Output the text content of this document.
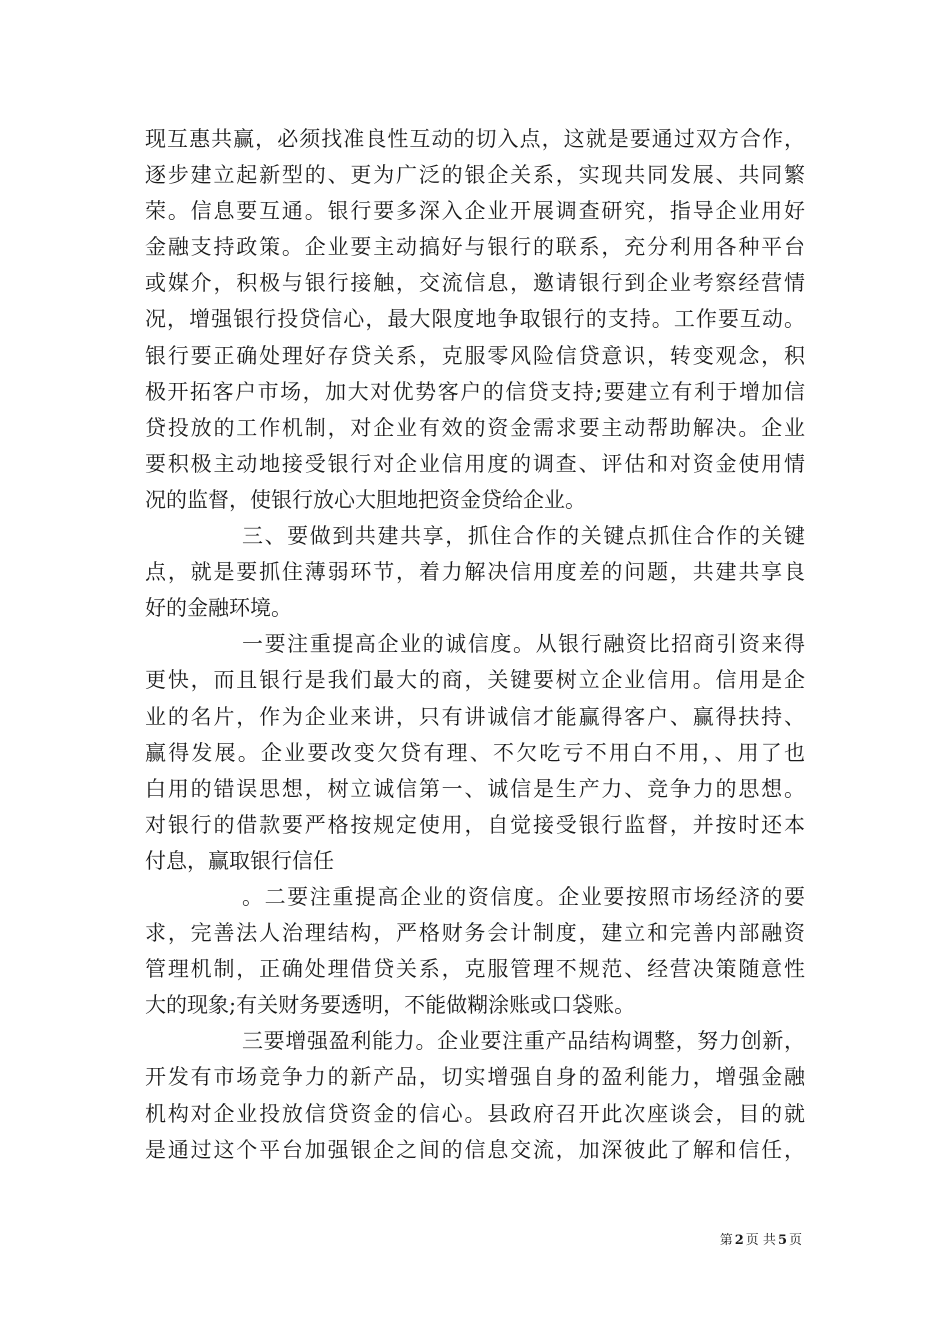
现互惠共赢，必须找准良性互动的切入点，这就是要通过双方合作，
逐步建立起新型的、更为广泛的银企关系，实现共同发展、共同繁
荣。信息要互通。银行要多深入企业开展调查研究，指导企业用好
金融支持政策。企业要主动搞好与银行的联系，充分利用各种平台
或媒介，积极与银行接触，交流信息，邀请银行到企业考察经营情
况，增强银行投贷信心，最大限度地争取银行的支持。工作要互动。
银行要正确处理好存贷关系，克服零风险信贷意识，转变观念，积
极开拓客户市场，加大对优势客户的信贷支持;要建立有利于增加信
贷投放的工作机制，对企业有效的资金需求要主动帮助解决。企业
要积极主动地接受银行对企业信用度的调查、评估和对资金使用情
况的监督，使银行放心大胆地把资金贷给企业。
三、要做到共建共享，抓住合作的关键点抓住合作的关键
点，就是要抓住薄弱环节，着力解决信用度差的问题，共建共享良
好的金融环境。
一要注重提高企业的诚信度。从银行融资比招商引资来得
更快，而且银行是我们最大的商，关键要树立企业信用。信用是企
业的名片，作为企业来讲，只有讲诚信才能赢得客户、赢得扶持、
赢得发展。企业要改变欠贷有理、不欠吃亏不用白不用，、用了也
白用的错误思想，树立诚信第一、诚信是生产力、竞争力的思想。
对银行的借款要严格按规定使用，自觉接受银行监督，并按时还本
付息，赢取银行信任
。二要注重提高企业的资信度。企业要按照市场经济的要
求，完善法人治理结构，严格财务会计制度，建立和完善内部融资
管理机制，正确处理借贷关系，克服管理不规范、经营决策随意性
大的现象;有关财务要透明，不能做糊涂账或口袋账。
三要增强盈利能力。企业要注重产品结构调整，努力创新，
开发有市场竞争力的新产品，切实增强自身的盈利能力，增强金融
机构对企业投放信贷资金的信心。县政府召开此次座谈会，目的就
是通过这个平台加强银企之间的信息交流，加深彼此了解和信任，
第 2 页 共 5 页
